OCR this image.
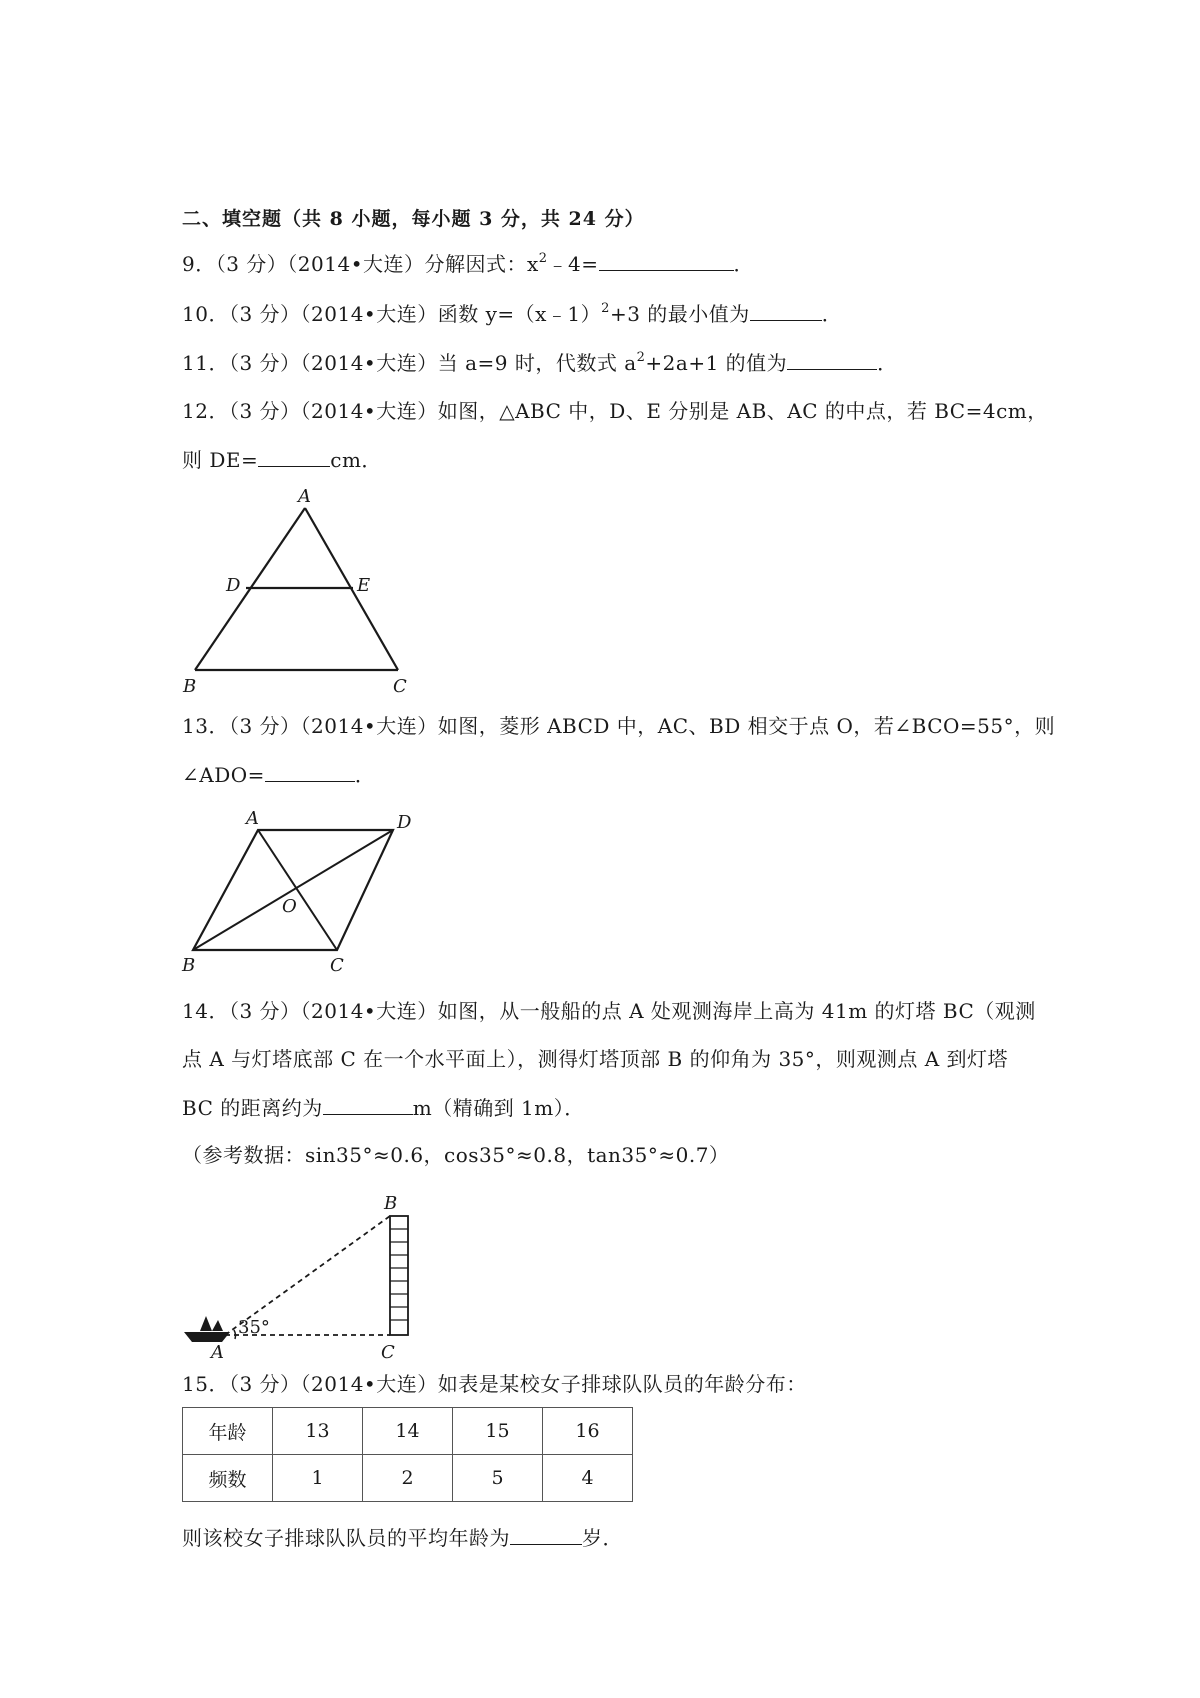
二、填空题（共 8 小题，每小题 3 分，共 24 分）
9．（3 分）（2014•大连）分解因式：$x^2﹣4=$	．
10．（3 分）（2014•大连）函数 y=（x﹣1）$^2$+3 的最小值为	．
11．（3 分）（2014•大连）当 a=9 时，代数式 $a^2+2a+1$ 的值为	．
12．（3 分）（2014•大连）如图，△ABC 中，D、E 分别是 AB、AC 的中点，若 BC=4cm，
则 DE=	cm．
A
D	E
B	C
A	D
O
B	C
35°
B
A	C
13．（3 分）（2014•大连）如图，菱形 ABCD 中，AC、BD 相交于点 O，若∠BCO=55°，则
∠ADO=	．
14．（3 分）（2014•大连）如图，从一般船的点 A 处观测海岸上高为 41m 的灯塔 BC（观测
点 A 与灯塔底部 C 在一个水平面上），测得灯塔顶部 B 的仰角为 35°，则观测点 A 到灯塔
BC 的距离约为	m（精确到 1m）．
（参考数据：sin35°≈0.6，cos35°≈0.8，tan35°≈0.7）
15．（3 分）（2014•大连）如表是某校女子排球队队员的年龄分布：
年龄	13	14	15	16
频数	1	2	5	4
则该校女子排球队队员的平均年龄为	岁．
